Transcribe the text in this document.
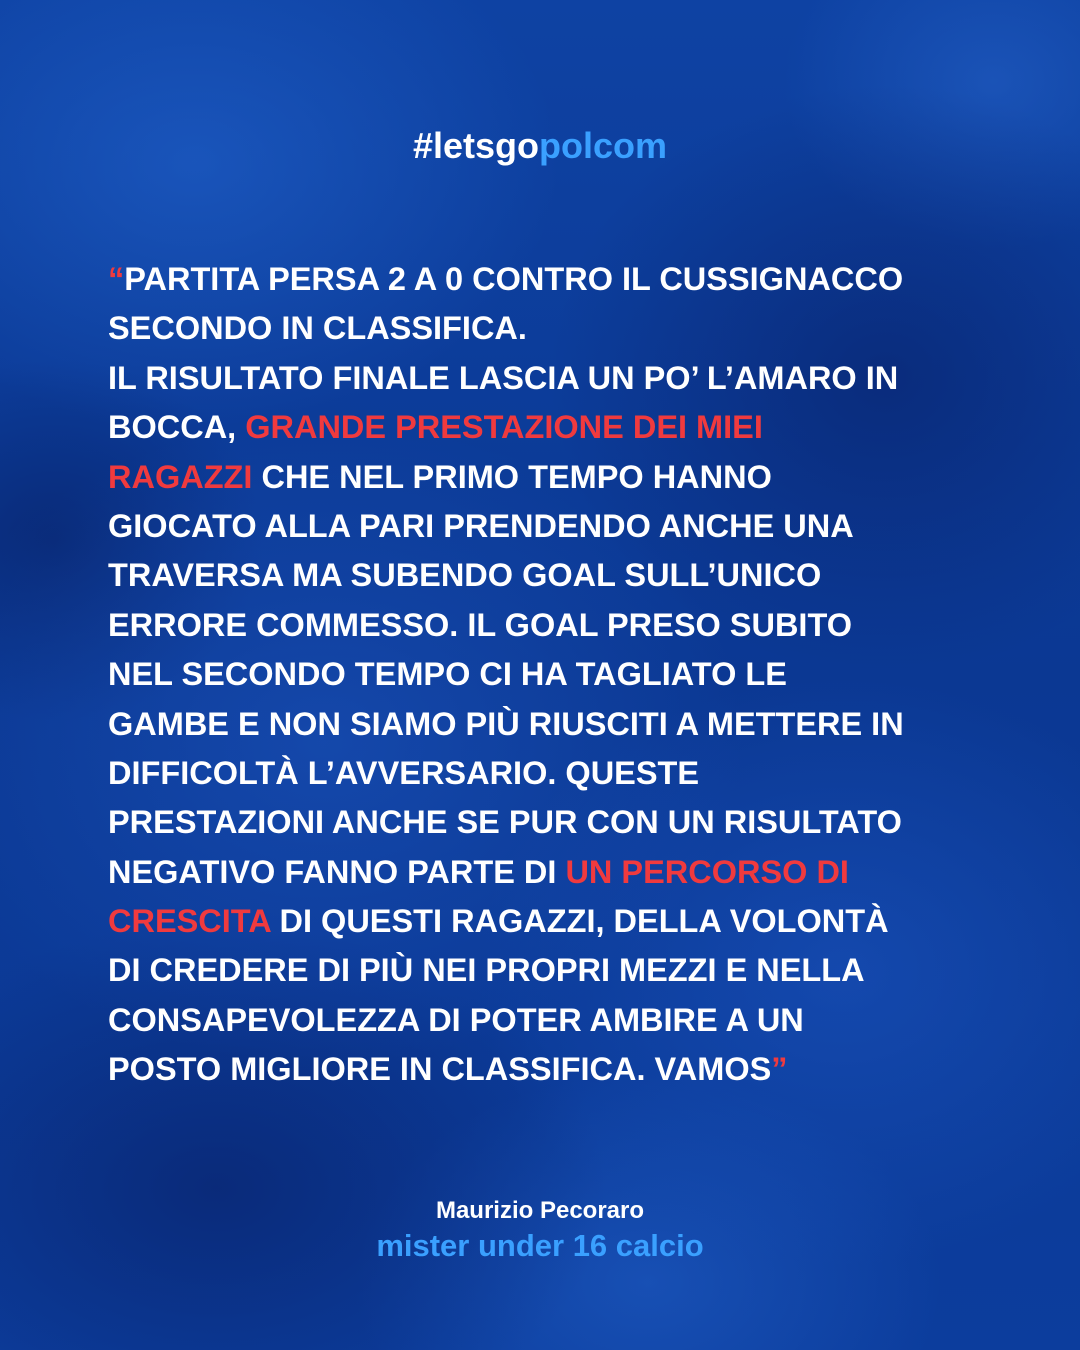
#letsgopolcom
“PARTITA PERSA 2 A 0 CONTRO IL CUSSIGNACCO
SECONDO IN CLASSIFICA.
IL RISULTATO FINALE LASCIA UN PO’ L’AMARO IN
BOCCA, GRANDE PRESTAZIONE DEI MIEI
RAGAZZI CHE NEL PRIMO TEMPO HANNO
GIOCATO ALLA PARI PRENDENDO ANCHE UNA
TRAVERSA MA SUBENDO GOAL SULL’UNICO
ERRORE COMMESSO. IL GOAL PRESO SUBITO
NEL SECONDO TEMPO CI HA TAGLIATO LE
GAMBE E NON SIAMO PIÙ RIUSCITI A METTERE IN
DIFFICOLTÀ L’AVVERSARIO. QUESTE
PRESTAZIONI ANCHE SE PUR CON UN RISULTATO
NEGATIVO FANNO PARTE DI UN PERCORSO DI
CRESCITA DI QUESTI RAGAZZI, DELLA VOLONTÀ
DI CREDERE DI PIÙ NEI PROPRI MEZZI E NELLA
CONSAPEVOLEZZA DI POTER AMBIRE A UN
POSTO MIGLIORE IN CLASSIFICA. VAMOS”

Maurizio Pecoraro

mister under 16 calcio
